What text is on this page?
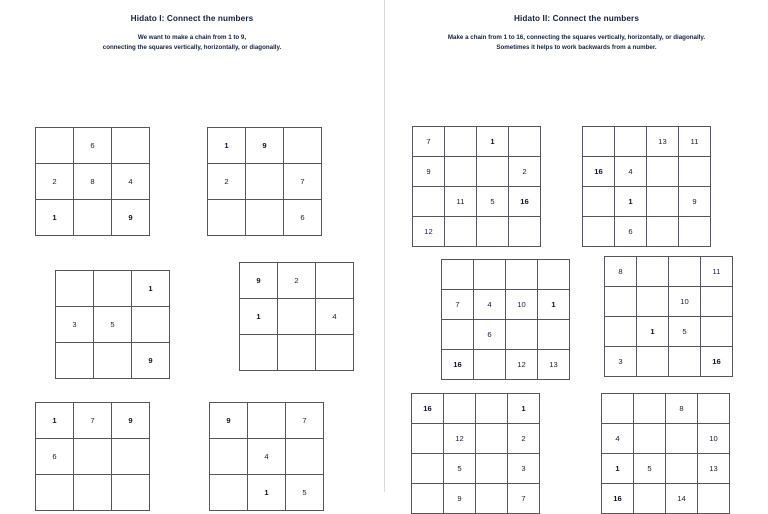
Hidato I: Connect the numbers
We want to make a chain from 1 to 9,
connecting the squares vertically, horizontally, or diagonally.
	6	
2	8	4
1		9
1	9	
2		7
		6
		1
3	5	
		9
9	2	
1		4

1	7	9
6		

9		7
	4	
	1	5
Hidato II: Connect the numbers
Make a chain from 1 to 16, connecting the squares vertically, horizontally, or diagonally.
Sometimes it helps to work backwards from a number.
7		1	
9			2
	11	5	16
12			
		13	11
16	4		
	1		9
	6		

7	4	10	1
	6		
16		12	13
8			11
		10	
	1	5	
3			16
16			1
	12		2
	5		3
	9		7
		8	
4			10
1	5		13
16		14	
